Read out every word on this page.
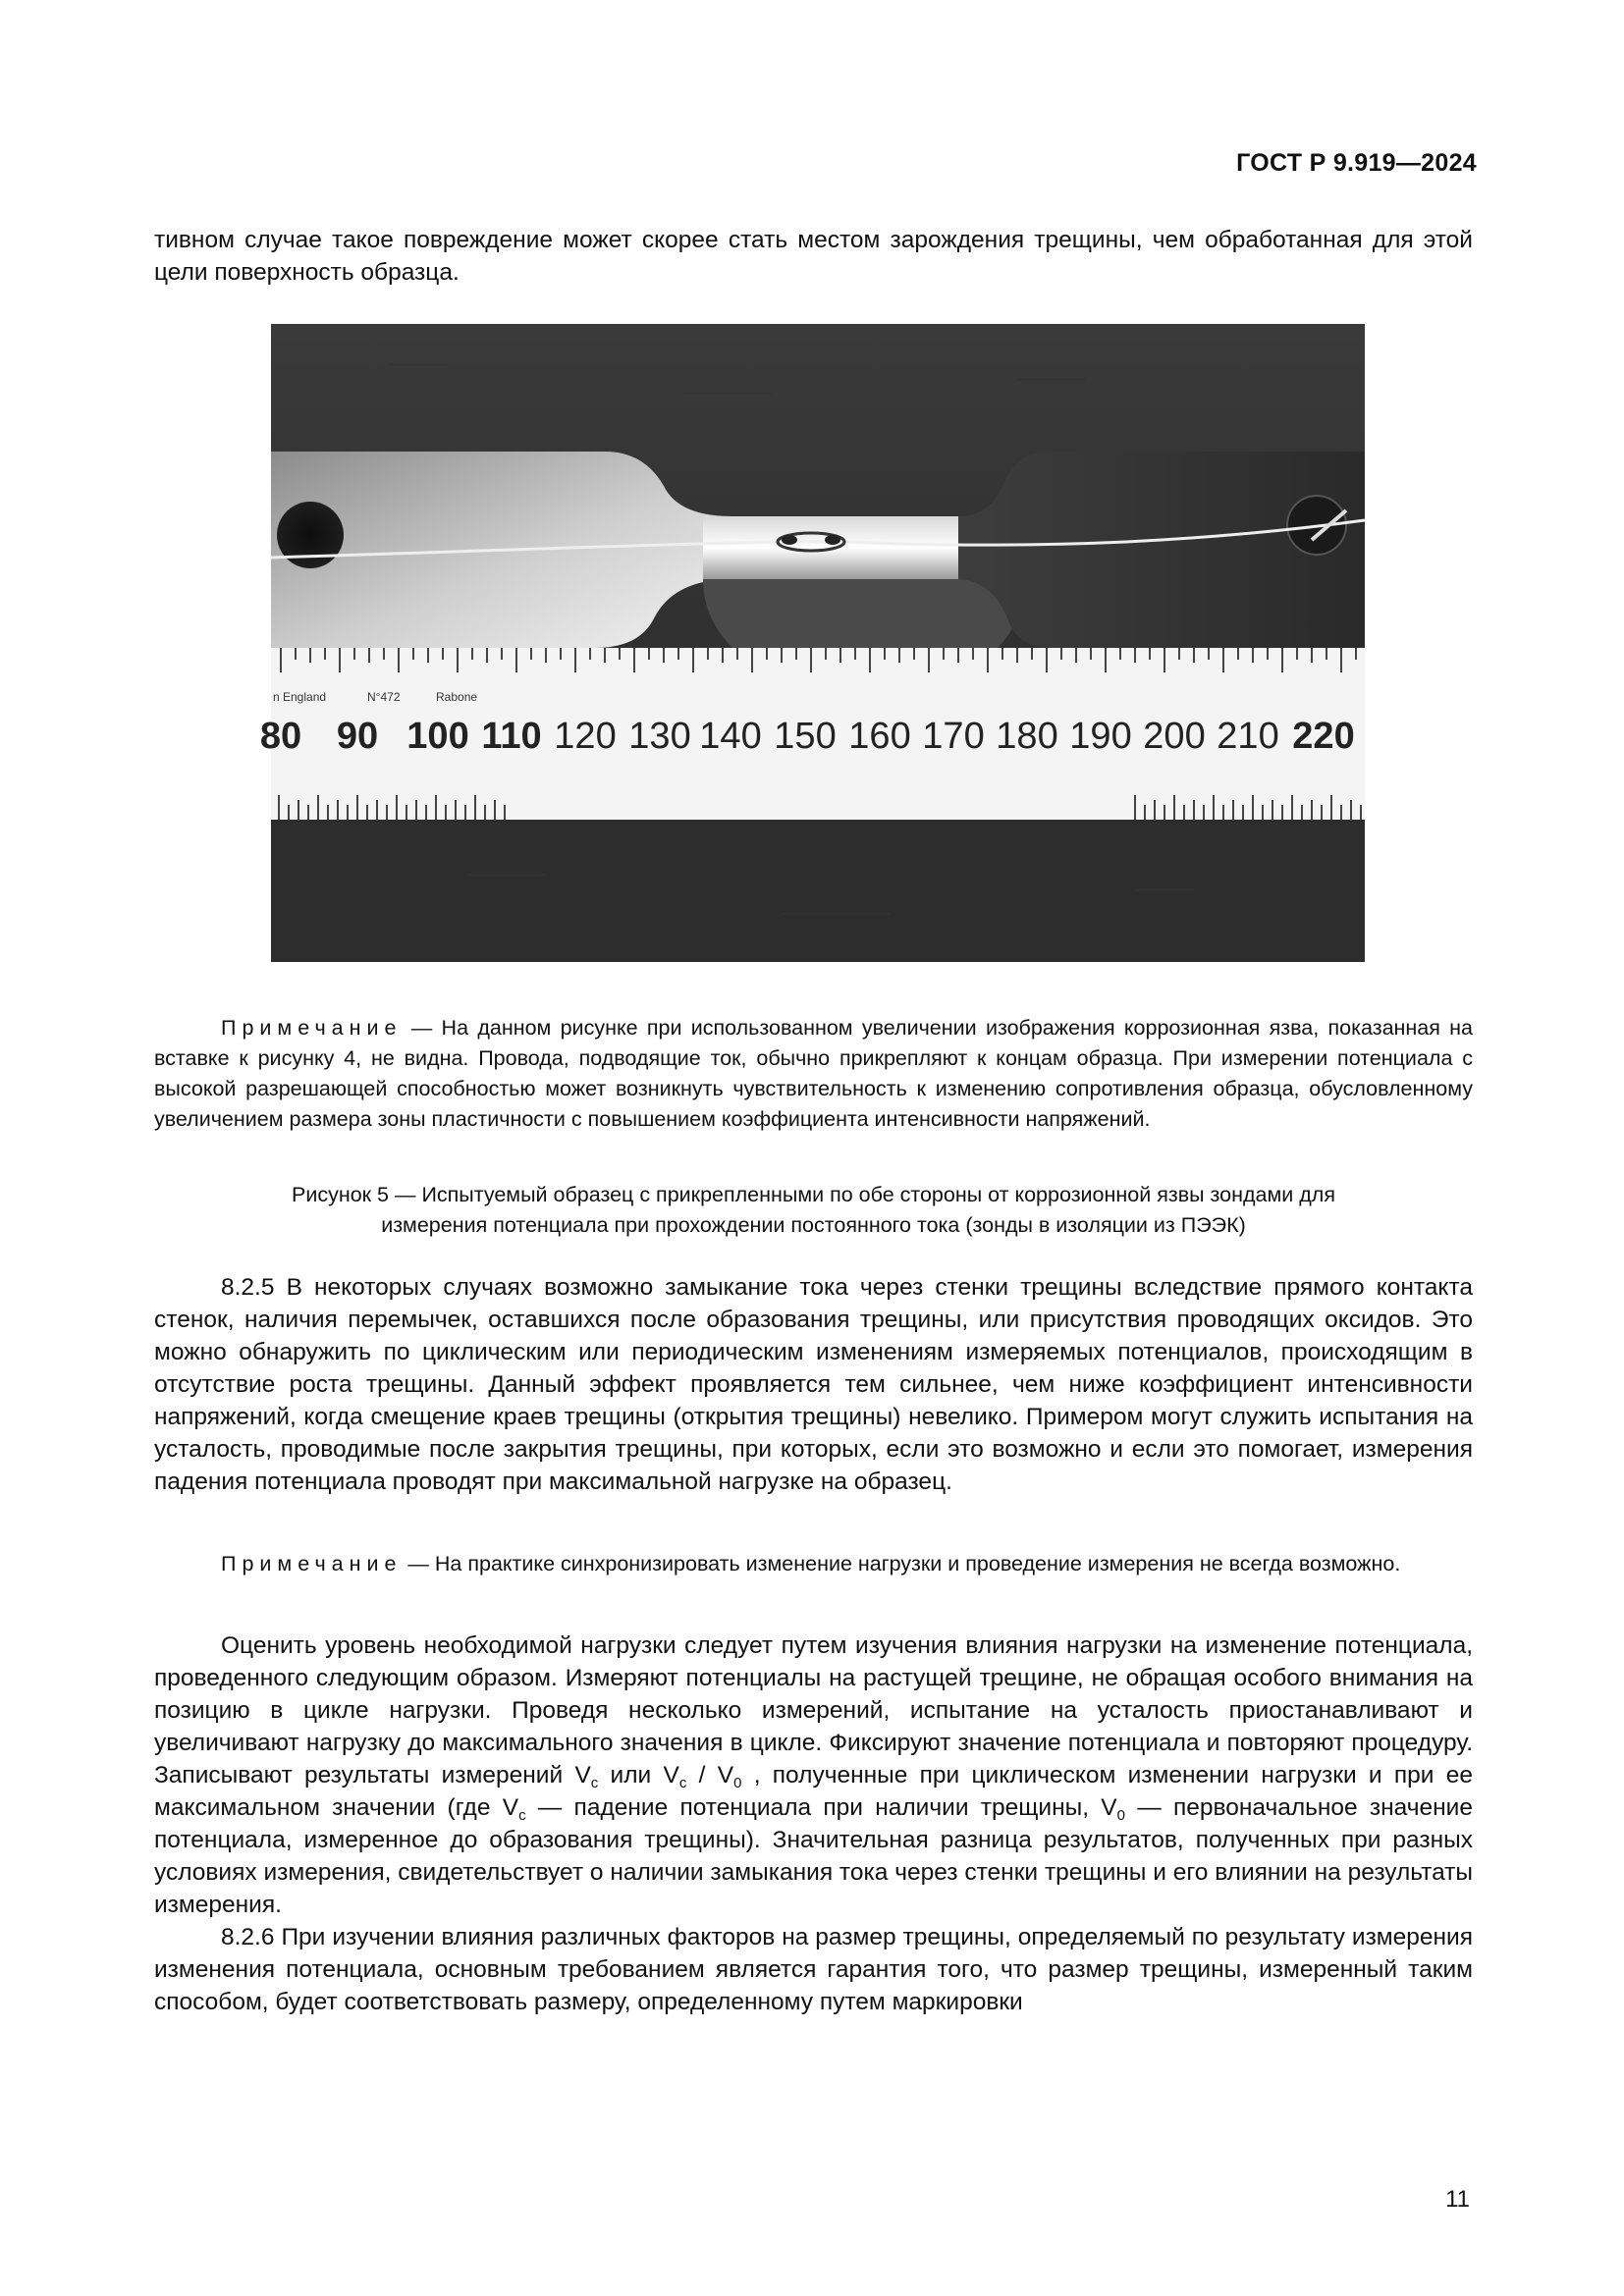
ГОСТ Р 9.919—2024
тивном случае такое повреждение может скорее стать местом зарождения трещины, чем обработанная для этой цели поверхность образца.
n England	N°472	Rabone
80 90 100 110 120 130 140 150 160 170 180 190 200 210 220
Примечание — На данном рисунке при использованном увеличении изображения коррозионная язва, показанная на вставке к рисунку 4, не видна. Провода, подводящие ток, обычно прикрепляют к концам образца. При измерении потенциала с высокой разрешающей способностью может возникнуть чувствительность к изменению сопротивления образца, обусловленному увеличением размера зоны пластичности с повышением коэффициента интенсивности напряжений.
Рисунок 5 — Испытуемый образец с прикрепленными по обе стороны от коррозионной язвы зондами для
измерения потенциала при прохождении постоянного тока (зонды в изоляции из ПЭЭК)
8.2.5 В некоторых случаях возможно замыкание тока через стенки трещины вследствие прямого контакта стенок, наличия перемычек, оставшихся после образования трещины, или присутствия проводящих оксидов. Это можно обнаружить по циклическим или периодическим изменениям измеряемых потенциалов, происходящим в отсутствие роста трещины. Данный эффект проявляется тем сильнее, чем ниже коэффициент интенсивности напряжений, когда смещение краев трещины (открытия трещины) невелико. Примером могут служить испытания на усталость, проводимые после закрытия трещины, при которых, если это возможно и если это помогает, измерения падения потенциала проводят при максимальной нагрузке на образец.
Примечание — На практике синхронизировать изменение нагрузки и проведение измерения не всегда возможно.
Оценить уровень необходимой нагрузки следует путем изучения влияния нагрузки на изменение потенциала, проведенного следующим образом. Измеряют потенциалы на растущей трещине, не обращая особого внимания на позицию в цикле нагрузки. Проведя несколько измерений, испытание на усталость приостанавливают и увеличивают нагрузку до максимального значения в цикле. Фиксируют значение потенциала и повторяют процедуру. Записывают результаты измерений $V_c$ или $V_c / V_0$ , полученные при циклическом изменении нагрузки и при ее максимальном значении (где $V_c$ — падение потенциала при наличии трещины, $V_0$ — первоначальное значение потенциала, измеренное до образования трещины). Значительная разница результатов, полученных при разных условиях измерения, свидетельствует о наличии замыкания тока через стенки трещины и его влиянии на результаты измерения.
8.2.6 При изучении влияния различных факторов на размер трещины, определяемый по результату измерения изменения потенциала, основным требованием является гарантия того, что размер трещины, измеренный таким способом, будет соответствовать размеру, определенному путем маркировки
11
